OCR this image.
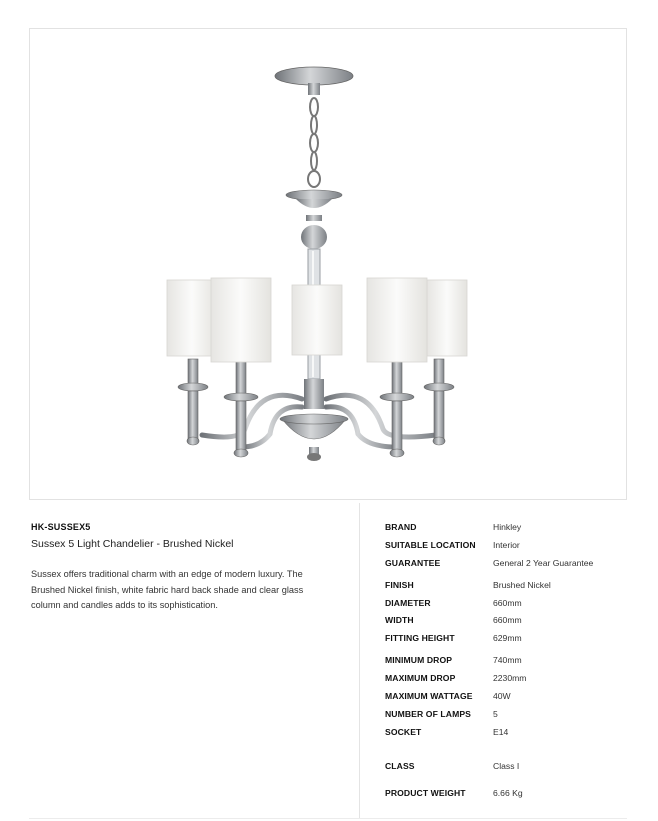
HK-SUSSEX5
Sussex 5 Light Chandelier - Brushed Nickel
Sussex offers traditional charm with an edge of modern luxury. The Brushed Nickel finish, white fabric hard back shade and clear glass column and candles adds to its sophistication.
BRAND	Hinkley
SUITABLE LOCATION Interior
GUARANTEE	General 2 Year Guarantee
FINISH	Brushed Nickel
DIAMETER	660mm
WIDTH	660mm
FITTING HEIGHT	629mm
MINIMUM DROP	740mm
MAXIMUM DROP	2230mm
MAXIMUM WATTAGE 40W
NUMBER OF LAMPS	5
SOCKET	E14
CLASS	Class I
PRODUCT WEIGHT	6.66 Kg
